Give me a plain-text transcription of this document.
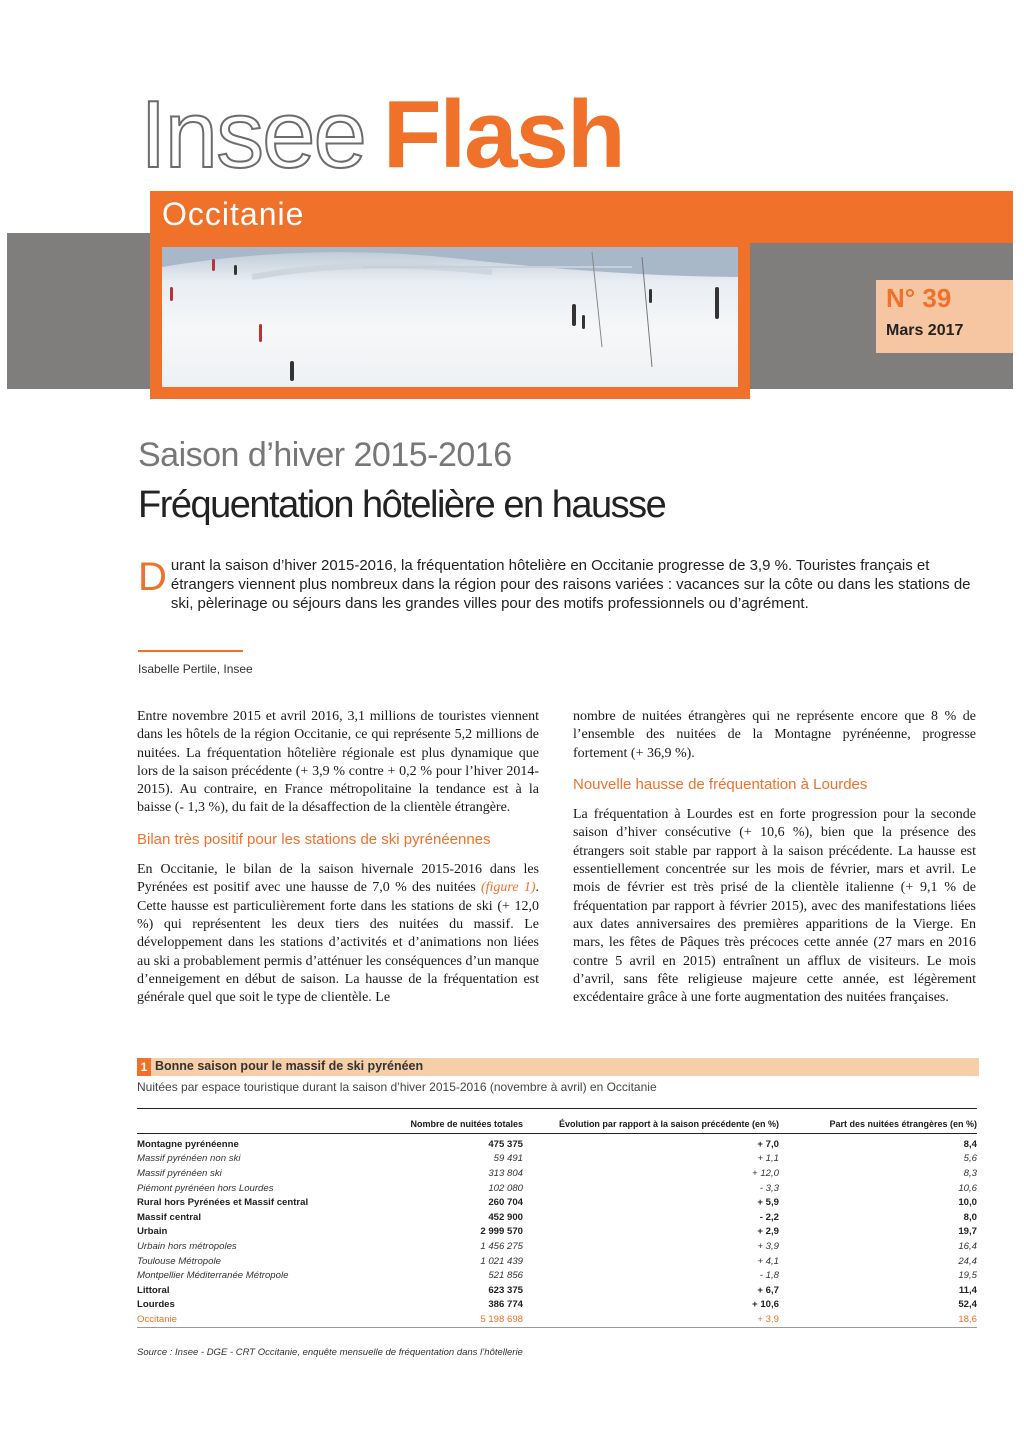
Insee Flash
Occitanie
N° 39
Mars 2017
Saison d’hiver 2015-2016
Fréquentation hôtelière en hausse
Durant la saison d’hiver 2015-2016, la fréquentation hôtelière en Occitanie progresse de 3,9 %. Touristes français et étrangers viennent plus nombreux dans la région pour des raisons variées : vacances sur la côte ou dans les stations de ski, pèlerinage ou séjours dans les grandes villes pour des motifs professionnels ou d’agrément.
Isabelle Pertile, Insee

Entre novembre 2015 et avril 2016, 3,1 millions de touristes viennent dans les hôtels de la région Occitanie, ce qui représente 5,2 millions de nuitées. La fréquentation hôtelière régionale est plus dynamique que lors de la saison précédente (+ 3,9 % contre + 0,2 % pour l’hiver 2014-2015). Au contraire, en France métropolitaine la tendance est à la baisse (- 1,3 %), du fait de la désaffection de la clientèle étrangère.

Bilan très positif pour les stations de ski pyrénéennes

En Occitanie, le bilan de la saison hivernale 2015-2016 dans les Pyrénées est positif avec une hausse de 7,0 % des nuitées (figure 1). Cette hausse est particulièrement forte dans les stations de ski (+ 12,0 %) qui représentent les deux tiers des nuitées du massif. Le développement dans les stations d’activités et d’animations non liées au ski a probablement permis d’atténuer les conséquences d’un manque d’enneigement en début de saison. La hausse de la fréquentation est générale quel que soit le type de clientèle. Le

nombre de nuitées étrangères qui ne représente encore que 8 % de l’ensemble des nuitées de la Montagne pyrénéenne, progresse fortement (+ 36,9 %).

Nouvelle hausse de fréquentation à Lourdes

La fréquentation à Lourdes est en forte progression pour la seconde saison d’hiver consécutive (+ 10,6 %), bien que la présence des étrangers soit stable par rapport à la saison précédente. La hausse est essentiellement concentrée sur les mois de février, mars et avril. Le mois de février est très prisé de la clientèle italienne (+ 9,1 % de fréquentation par rapport à février 2015), avec des manifestations liées aux dates anniversaires des premières apparitions de la Vierge. En mars, les fêtes de Pâques très précoces cette année (27 mars en 2016 contre 5 avril en 2015) entraînent un afflux de visiteurs. Le mois d’avril, sans fête religieuse majeure cette année, est légèrement excédentaire grâce à une forte augmentation des nuitées françaises.

1 Bonne saison pour le massif de ski pyrénéen
Nuitées par espace touristique durant la saison d’hiver 2015-2016 (novembre à avril) en Occitanie
	Nombre de nuitées totales	Évolution par rapport à la saison précédente (en %)	Part des nuitées étrangères (en %)
Montagne pyrénéenne	475 375	+ 7,0	8,4
Massif pyrénéen non ski	59 491	+ 1,1	5,6
Massif pyrénéen ski	313 804	+ 12,0	8,3
Piémont pyrénéen hors Lourdes	102 080	- 3,3	10,6
Rural hors Pyrénées et Massif central	260 704	+ 5,9	10,0
Massif central	452 900	- 2,2	8,0
Urbain	2 999 570	+ 2,9	19,7
Urbain hors métropoles	1 456 275	+ 3,9	16,4
Toulouse Métropole	1 021 439	+ 4,1	24,4
Montpellier Méditerranée Métropole	521 856	- 1,8	19,5
Littoral	623 375	+ 6,7	11,4
Lourdes	386 774	+ 10,6	52,4
Occitanie	5 198 698	+ 3,9	18,6
Source : Insee - DGE - CRT Occitanie, enquête mensuelle de fréquentation dans l’hôtellerie
